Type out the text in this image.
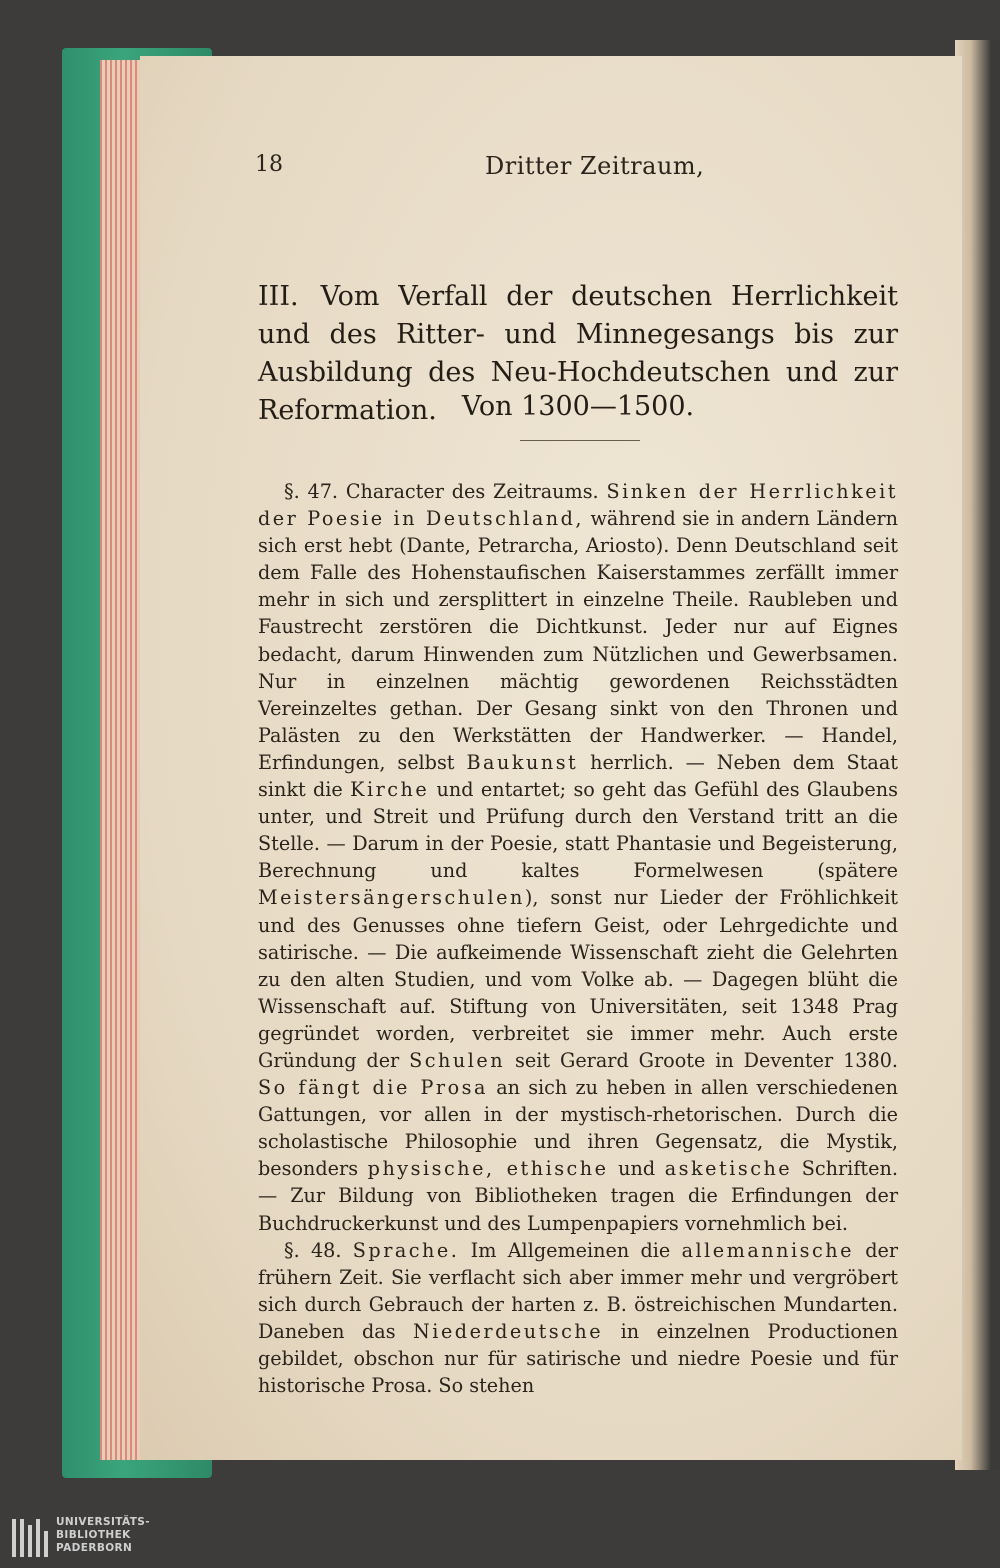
18	Dritter Zeitraum,
III. Vom Verfall der deutschen Herrlichkeit und des Ritter- und Minnegesangs bis zur Ausbildung des Neu-Hochdeutschen und zur Reformation. Von 1300—1500.

§. 47. Character des Zeitraums. Sinken der Herrlichkeit der Poesie in Deutschland, während sie in andern Ländern sich erst hebt (Dante, Petrarcha, Ariosto). Denn Deutschland seit dem Falle des Hohenstaufischen Kaiserstammes zerfällt immer mehr in sich und zersplittert in einzelne Theile. Raubleben und Faustrecht zerstören die Dichtkunst. Jeder nur auf Eignes bedacht, darum Hinwenden zum Nützlichen und Gewerbsamen. Nur in einzelnen mächtig gewordenen Reichsstädten Vereinzeltes gethan. Der Gesang sinkt von den Thronen und Palästen zu den Werkstätten der Handwerker. — Handel, Erfindungen, selbst Baukunst herrlich. — Neben dem Staat sinkt die Kirche und entartet; so geht das Gefühl des Glaubens unter, und Streit und Prüfung durch den Verstand tritt an die Stelle. — Darum in der Poesie, statt Phantasie und Begeisterung, Berechnung und kaltes Formelwesen (spätere Meistersängerschulen), sonst nur Lieder der Fröhlichkeit und des Genusses ohne tiefern Geist, oder Lehrgedichte und satirische. — Die aufkeimende Wissenschaft zieht die Gelehrten zu den alten Studien, und vom Volke ab. — Dagegen blüht die Wissenschaft auf. Stiftung von Universitäten, seit 1348 Prag gegründet worden, verbreitet sie immer mehr. Auch erste Gründung der Schulen seit Gerard Groote in Deventer 1380. So fängt die Prosa an sich zu heben in allen verschiedenen Gattungen, vor allen in der mystisch-rhetorischen. Durch die scholastische Philosophie und ihren Gegensatz, die Mystik, besonders physische, ethische und asketische Schriften. — Zur Bildung von Bibliotheken tragen die Erfindungen der Buchdruckerkunst und des Lumpenpapiers vornehmlich bei.

§. 48. Sprache. Im Allgemeinen die allemannische der frühern Zeit. Sie verflacht sich aber immer mehr und vergröbert sich durch Gebrauch der harten z. B. östreichischen Mundarten. Daneben das Niederdeutsche in einzelnen Productionen gebildet, obschon nur für satirische und niedre Poesie und für historische Prosa. So stehen

UNIVERSITÄTS-
BIBLIOTHEK
PADERBORN
